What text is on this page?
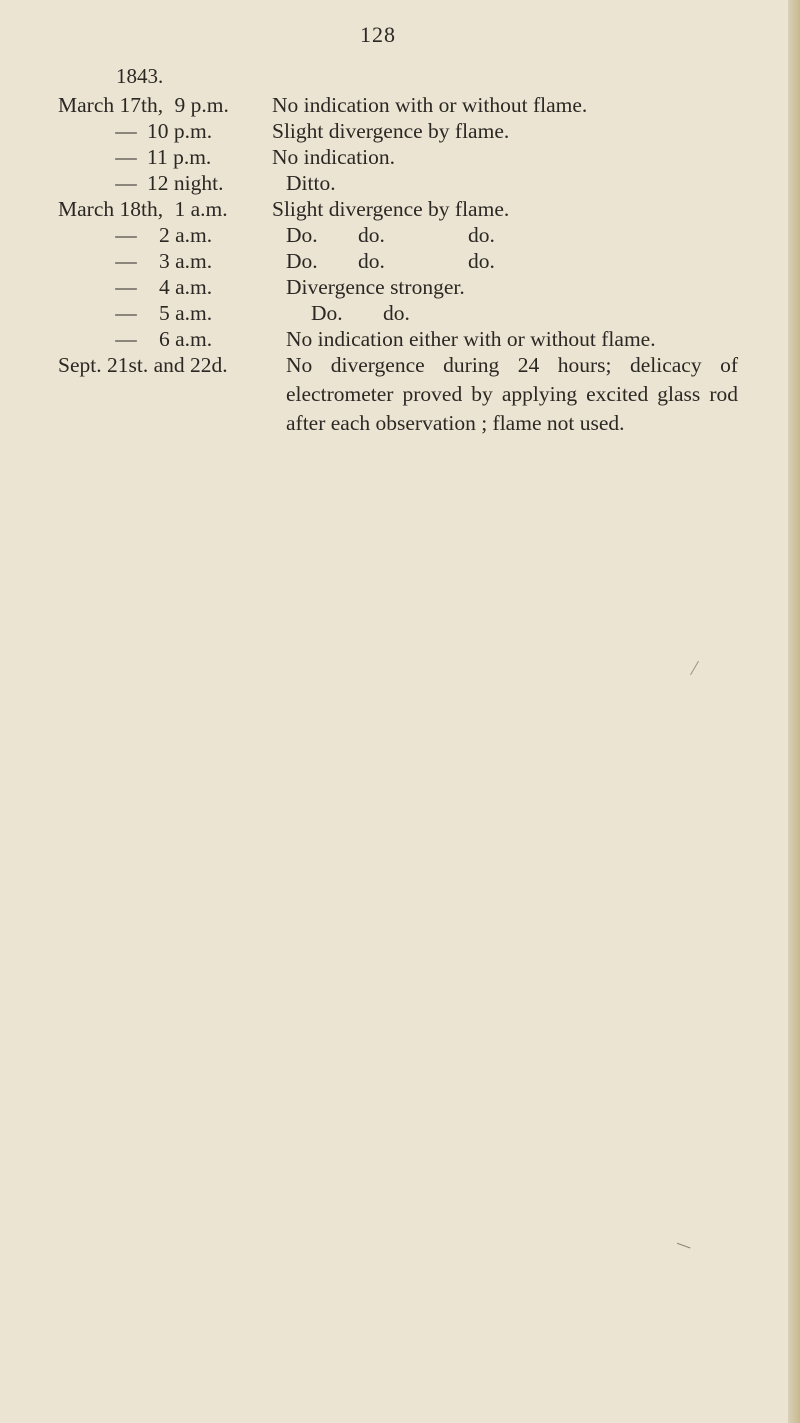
128
1843.
March 17th, 9 p.m.	No indication with or without flame.
— 10 p.m.	Slight divergence by flame.
— 11 p.m.	No indication.
— 12 night.	Ditto.
March 18th, 1 a.m.	Slight divergence by flame.
— 2 a.m.	Do. do.	do.
— 3 a.m.	Do. do.	do.
— 4 a.m.	Divergence stronger.
— 5 a.m.	Do. do.
— 6 a.m.	No indication either with or without flame.
Sept. 21st. and 22d.	No divergence during 24 hours; delicacy of electrometer proved by applying excited glass rod after each observation ; flame not used.
